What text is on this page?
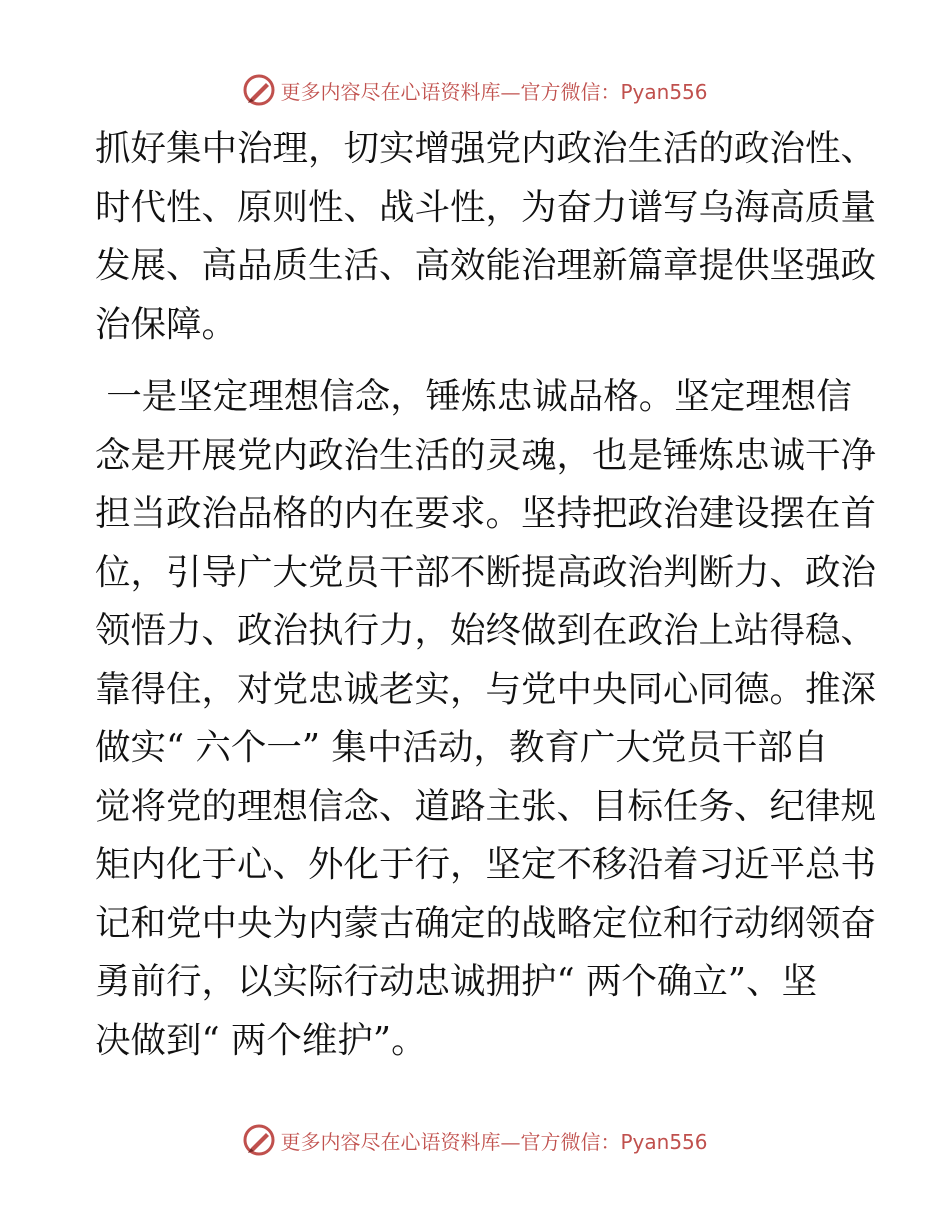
更多内容尽在心语资料库—官方微信：Pyan556
抓好集中治理，切实增强党内政治生活的政治性、
时代性、原则性、战斗性，为奋力谱写乌海高质量
发展、高品质生活、高效能治理新篇章提供坚强政
治保障。
一是坚定理想信念，锤炼忠诚品格。坚定理想信
念是开展党内政治生活的灵魂，也是锤炼忠诚干净
担当政治品格的内在要求。坚持把政治建设摆在首
位，引导广大党员干部不断提高政治判断力、政治
领悟力、政治执行力，始终做到在政治上站得稳、
靠得住，对党忠诚老实，与党中央同心同德。推深
做实“ 六个一” 集中活动，教育广大党员干部自
觉将党的理想信念、道路主张、目标任务、纪律规
矩内化于心、外化于行，坚定不移沿着习近平总书
记和党中央为内蒙古确定的战略定位和行动纲领奋
勇前行，以实际行动忠诚拥护“ 两个确立”、坚
决做到“ 两个维护”。
更多内容尽在心语资料库—官方微信：Pyan556
